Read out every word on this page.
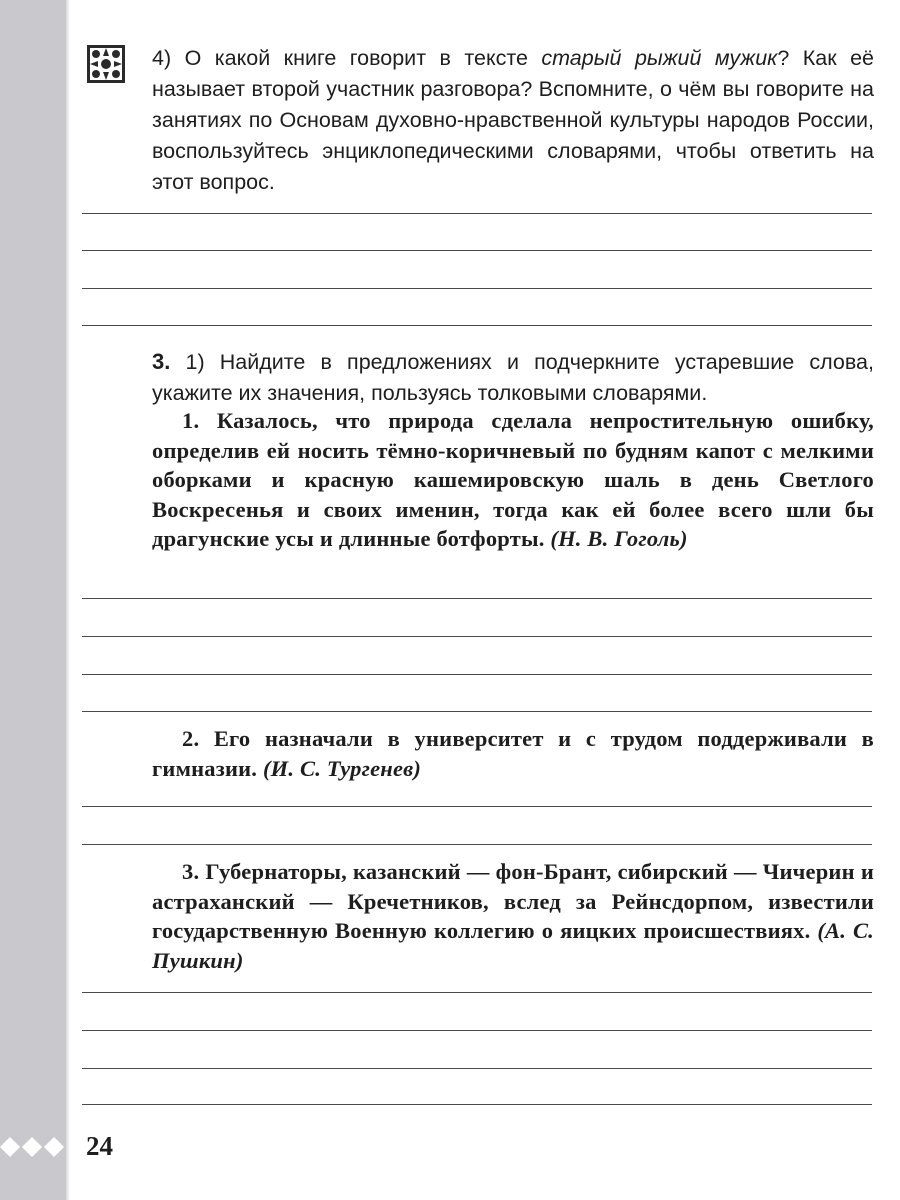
4) О какой книге говорит в тексте старый рыжий мужик? Как её называет второй участник разговора? Вспомните, о чём вы говорите на занятиях по Основам духовно-нравственной культуры народов России, воспользуйтесь энциклопедическими словарями, чтобы ответить на этот вопрос.

3. 1) Найдите в предложениях и подчеркните устаревшие слова, укажите их значения, пользуясь толковыми словарями.

1. Казалось, что природа сделала непростительную ошибку, определив ей носить тёмно-коричневый по будням капот с мелкими оборками и красную кашемировскую шаль в день Светлого Воскресенья и своих именин, тогда как ей более всего шли бы драгунские усы и длинные ботфорты. (Н. В. Гоголь)

2. Его назначали в университет и с трудом поддерживали в гимназии. (И. С. Тургенев)

3. Губернаторы, казанский — фон-Брант, сибирский — Чичерин и астраханский — Кречетников, вслед за Рейнсдорпом, известили государственную Военную коллегию о яицких происшествиях. (А. С. Пушкин)

24
